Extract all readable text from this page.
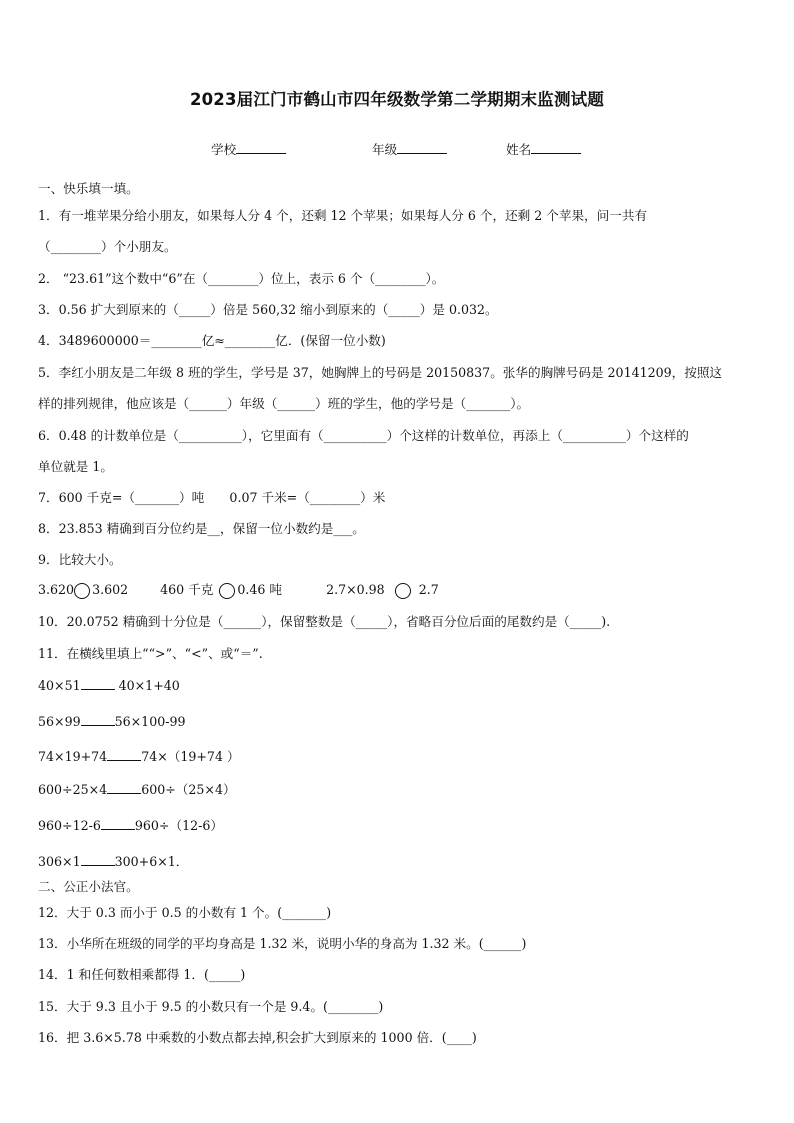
2023届江门市鹤山市四年级数学第二学期期末监测试题
学校	年级	姓名
一、快乐填一填。
1．有一堆苹果分给小朋友，如果每人分 4 个，还剩 12 个苹果；如果每人分 6 个，还剩 2 个苹果，问一共有
（________）个小朋友。
2． “23.61”这个数中“6”在（________）位上，表示 6 个（________）。
3．0.56 扩大到原来的（_____）倍是 560,32 缩小到原来的（_____）是 0.032。
4．3489600000＝________亿≈________亿．(保留一位小数)
5．李红小朋友是二年级 8 班的学生，学号是 37，她胸牌上的号码是 20150837。张华的胸牌号码是 20141209，按照这
样的排列规律，他应该是（______）年级（______）班的学生，他的学号是（_______）。
6．0.48 的计数单位是（__________），它里面有（__________）个这样的计数单位，再添上（__________）个这样的
单位就是 1。
7．600 千克=（_______）吨　　0.07 千米=（________）米
8．23.853 精确到百分位约是__，保留一位小数约是___。
9．比较大小。
3.620 3.602	460 千克 0.46 吨	2.7×0.98	2.7
10．20.0752 精确到十分位是（______），保留整数是（_____），省略百分位后面的尾数约是（_____).
11．在横线里填上““>”、“<”、或“＝”.
40×51	40×1+40
56×99	56×100-99
74×19+74	74×（19+74 ）
600÷25×4	600÷（25×4）
960÷12-6	960÷（12-6）
306×1	300+6×1．
二、公正小法官。
12．大于 0.3 而小于 0.5 的小数有 1 个。(_______)
13．小华所在班级的同学的平均身高是 1.32 米，说明小华的身高为 1.32 米。(______)
14．1 和任何数相乘都得 1．(_____)
15．大于 9.3 且小于 9.5 的小数只有一个是 9.4。(________)
16．把 3.6×5.78 中乘数的小数点都去掉,积会扩大到原来的 1000 倍．(____)
